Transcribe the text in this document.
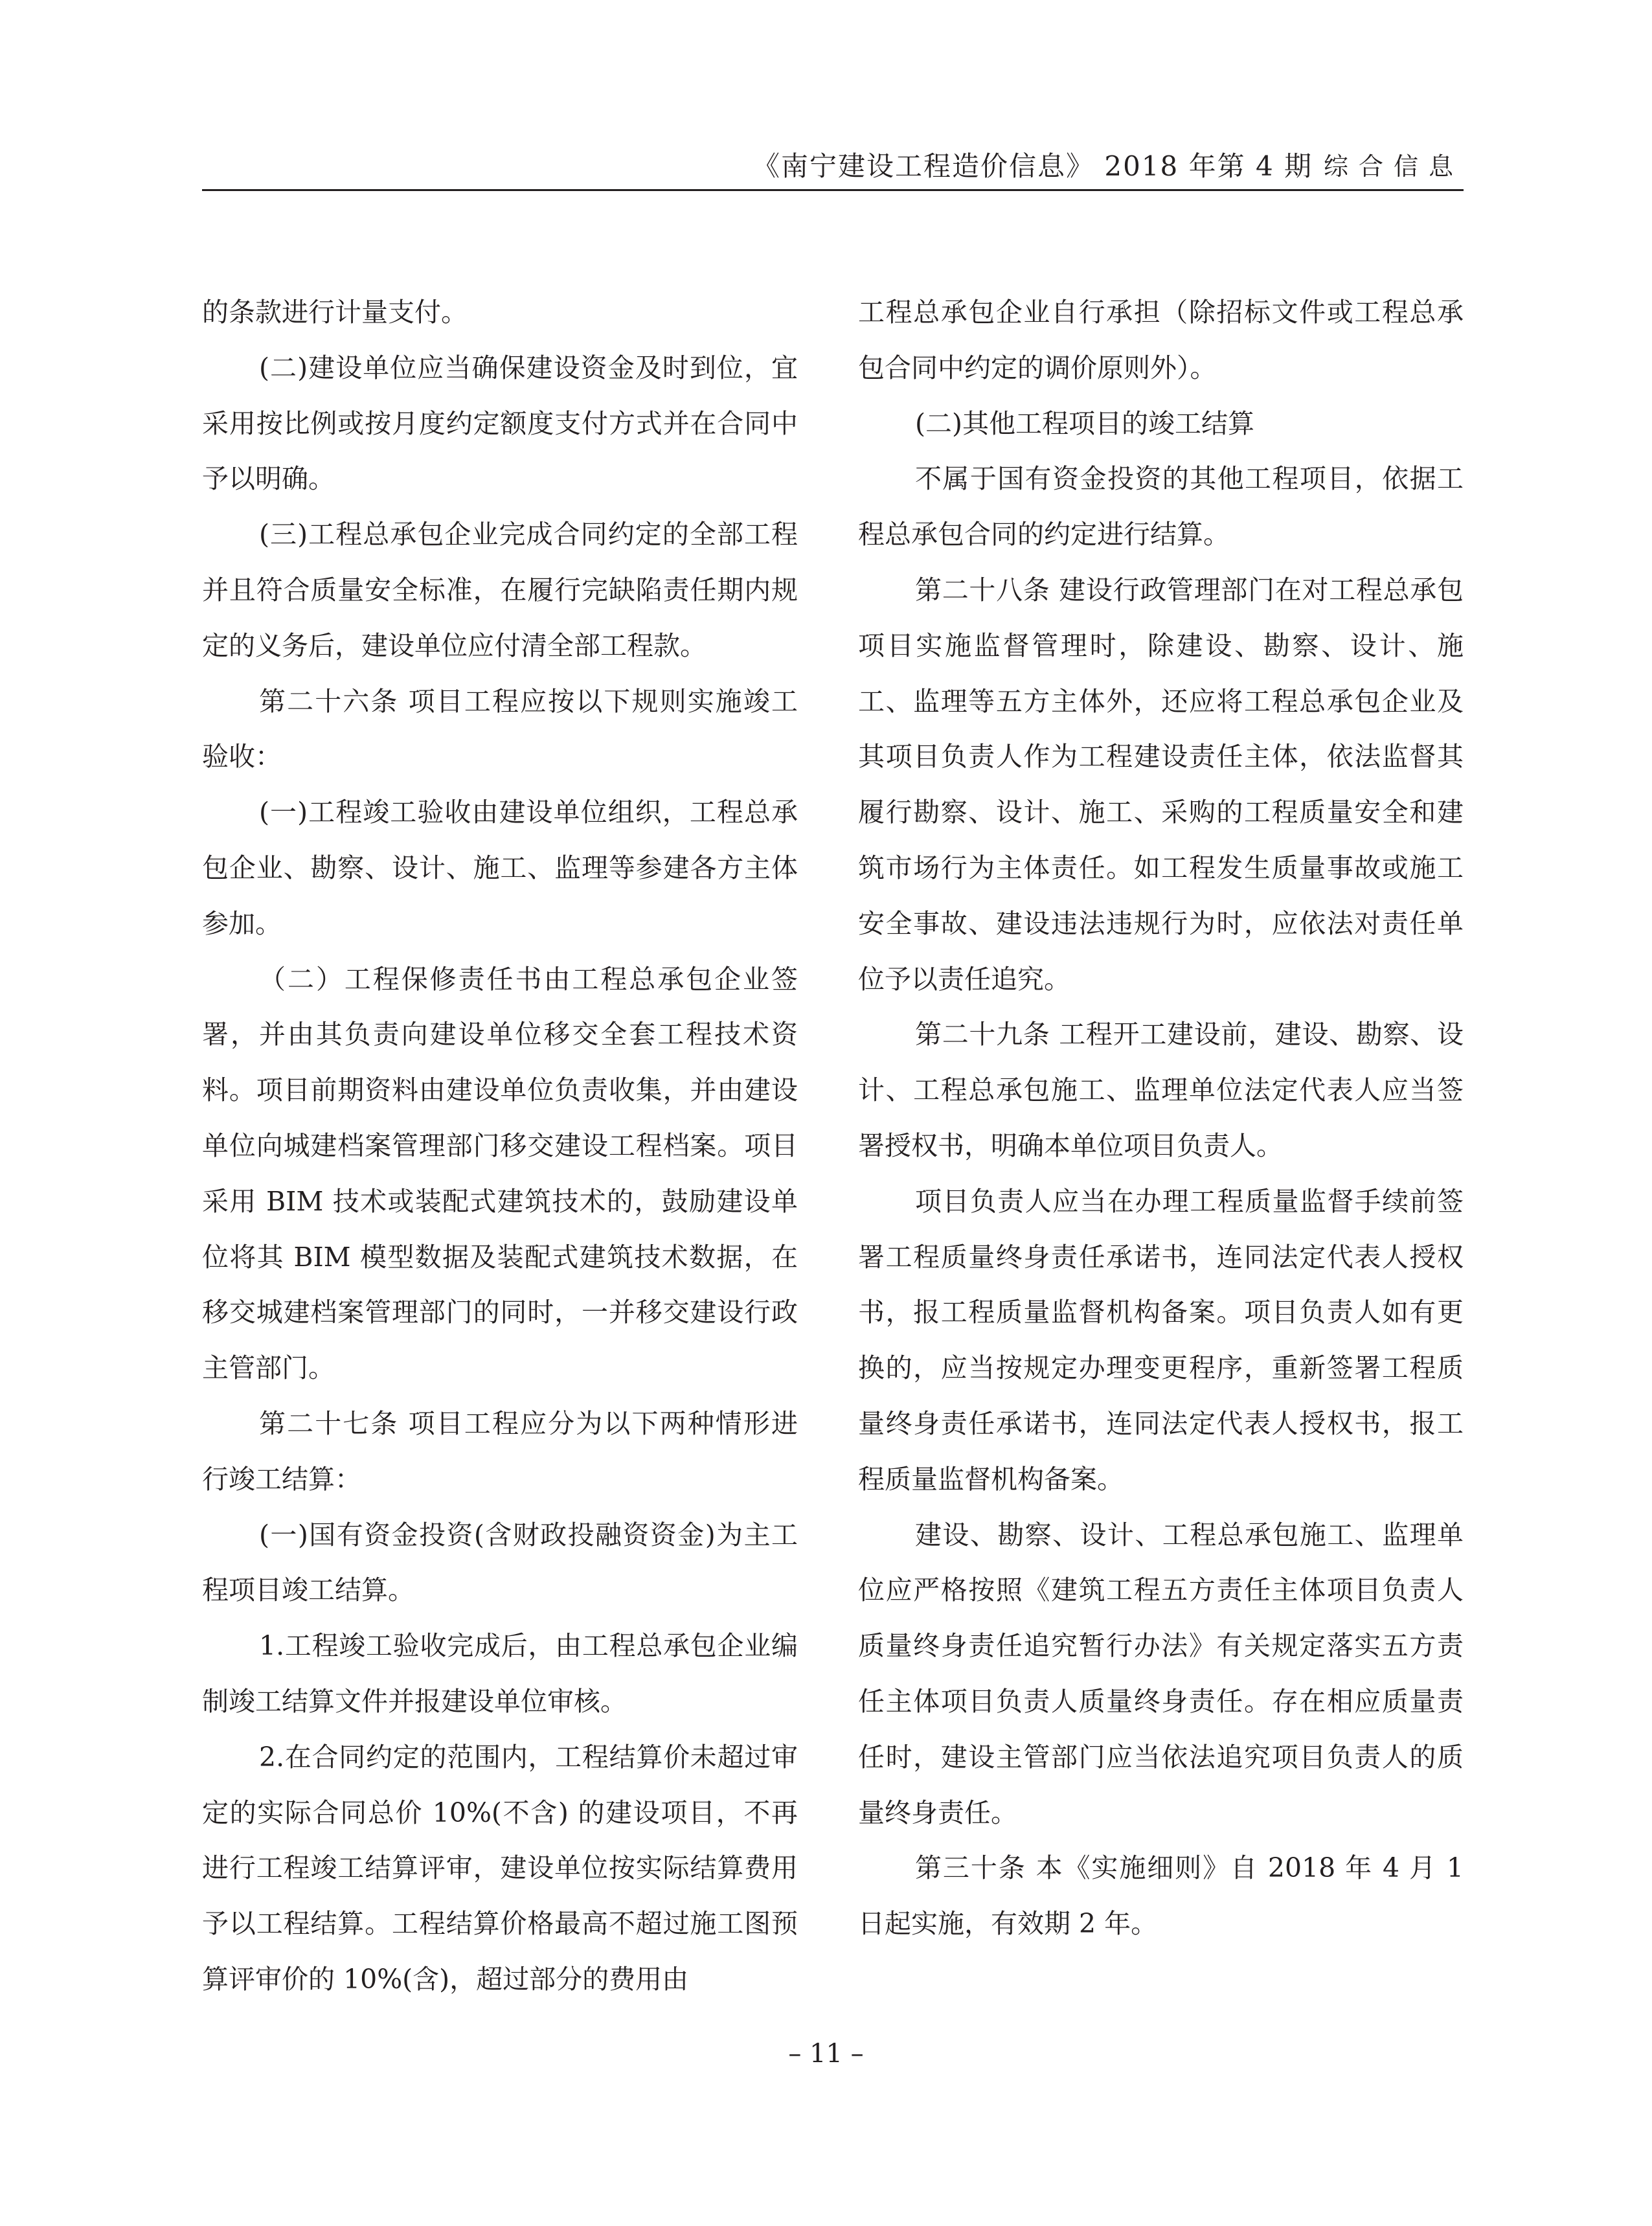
《南宁建设工程造价信息》 2018 年第 4 期 综合信息

的条款进行计量支付。

(二)建设单位应当确保建设资金及时到位，宜采用按比例或按月度约定额度支付方式并在合同中予以明确。

(三)工程总承包企业完成合同约定的全部工程并且符合质量安全标准，在履行完缺陷责任期内规定的义务后，建设单位应付清全部工程款。

第二十六条 项目工程应按以下规则实施竣工验收：

(一)工程竣工验收由建设单位组织，工程总承包企业、勘察、设计、施工、监理等参建各方主体参加。

（二）工程保修责任书由工程总承包企业签署，并由其负责向建设单位移交全套工程技术资料。项目前期资料由建设单位负责收集，并由建设单位向城建档案管理部门移交建设工程档案。项目采用 BIM 技术或装配式建筑技术的，鼓励建设单位将其 BIM 模型数据及装配式建筑技术数据，在移交城建档案管理部门的同时，一并移交建设行政主管部门。

第二十七条 项目工程应分为以下两种情形进行竣工结算：

(一)国有资金投资(含财政投融资资金)为主工程项目竣工结算。

1.工程竣工验收完成后，由工程总承包企业编制竣工结算文件并报建设单位审核。

2.在合同约定的范围内，工程结算价未超过审定的实际合同总价 10%(不含) 的建设项目，不再进行工程竣工结算评审，建设单位按实际结算费用予以工程结算。工程结算价格最高不超过施工图预算评审价的 10%(含)，超过部分的费用由

工程总承包企业自行承担（除招标文件或工程总承包合同中约定的调价原则外）。

(二)其他工程项目的竣工结算

不属于国有资金投资的其他工程项目，依据工程总承包合同的约定进行结算。

第二十八条 建设行政管理部门在对工程总承包项目实施监督管理时，除建设、勘察、设计、施工、监理等五方主体外，还应将工程总承包企业及其项目负责人作为工程建设责任主体，依法监督其履行勘察、设计、施工、采购的工程质量安全和建筑市场行为主体责任。如工程发生质量事故或施工安全事故、建设违法违规行为时，应依法对责任单位予以责任追究。

第二十九条 工程开工建设前，建设、勘察、设计、工程总承包施工、监理单位法定代表人应当签署授权书，明确本单位项目负责人。

项目负责人应当在办理工程质量监督手续前签署工程质量终身责任承诺书，连同法定代表人授权书，报工程质量监督机构备案。项目负责人如有更换的，应当按规定办理变更程序，重新签署工程质量终身责任承诺书，连同法定代表人授权书，报工程质量监督机构备案。

建设、勘察、设计、工程总承包施工、监理单位应严格按照《建筑工程五方责任主体项目负责人质量终身责任追究暂行办法》有关规定落实五方责任主体项目负责人质量终身责任。存在相应质量责任时，建设主管部门应当依法追究项目负责人的质量终身责任。

第三十条 本《实施细则》自 2018 年 4 月 1 日起实施，有效期 2 年。

– 11 –
